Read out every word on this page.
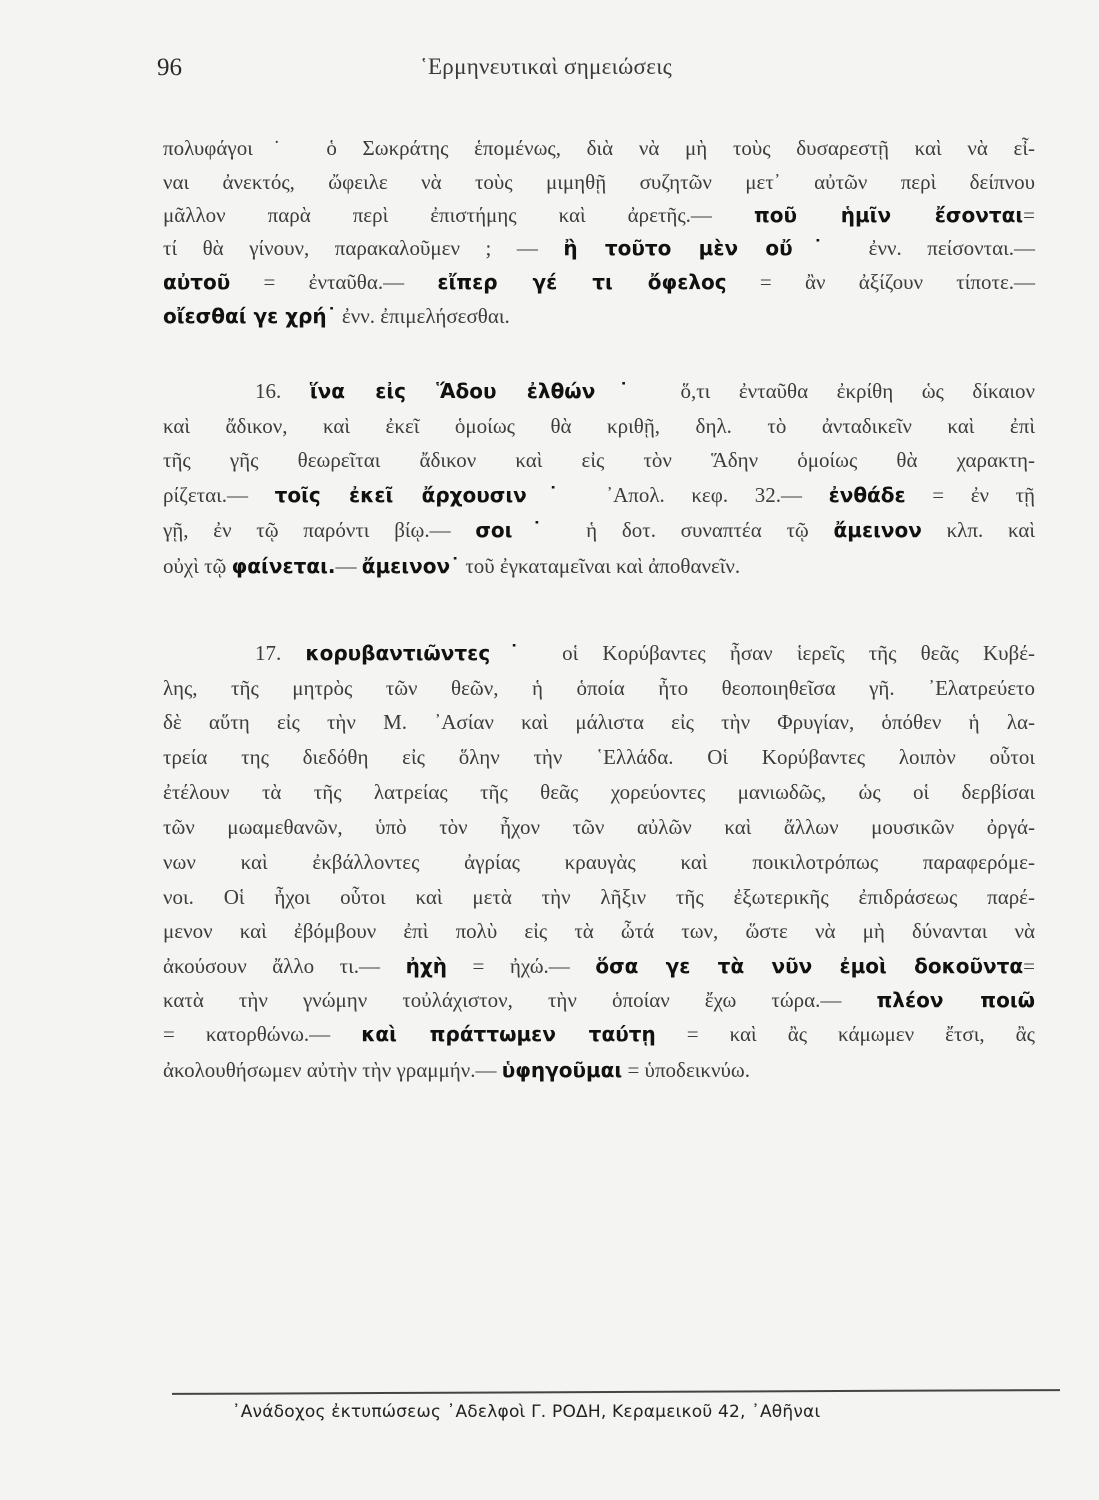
96	῾Ερμηνευτικαὶ σημειώσεις
πολυφάγοι˙ ὁ Σωκράτης ἑπομένως, διὰ νὰ μὴ τοὺς δυσαρεστῇ καὶ νὰ εἶ-
ναι ἀνεκτός, ὤφειλε νὰ τοὺς μιμηθῇ συζητῶν μετ᾽ αὐτῶν περὶ δείπνου
μᾶλλον παρὰ περὶ ἐπιστήμης καὶ ἀρετῆς.— ποῦ ἡμῖν ἔσονται=
τί θὰ γίνουν, παρακαλοῦμεν ; — ἢ τοῦτο μὲν οὔ˙ ἐνν. πείσονται.—
αὐτοῦ = ἐνταῦθα.— εἴπερ γέ τι ὄφελος = ἂν ἀξίζουν τίποτε.—
οἴεσθαί γε χρή˙ ἐνν. ἐπιμελήσεσθαι.
16. ἵνα εἰς Ἅδου ἐλθών˙ ὅ,τι ἐνταῦθα ἐκρίθη ὡς δίκαιον
καὶ ἄδικον, καὶ ἐκεῖ ὁμοίως θὰ κριθῇ, δηλ. τὸ ἀνταδικεῖν καὶ ἐπὶ
τῆς γῆς θεωρεῖται ἄδικον καὶ εἰς τὸν Ἅδην ὁμοίως θὰ χαρακτη-
ρίζεται.— τοῖς ἐκεῖ ἄρχουσιν˙ ᾿Απολ. κεφ. 32.— ἐνθάδε = ἐν τῇ
γῇ, ἐν τῷ παρόντι βίῳ.— σοι˙ ἡ δοτ. συναπτέα τῷ ἄμεινον κλπ. καὶ
οὐχὶ τῷ φαίνεται.— ἄμεινον˙ τοῦ ἐγκαταμεῖναι καὶ ἀποθανεῖν.
17. κορυβαντιῶντες˙ οἱ Κορύβαντες ἦσαν ἱερεῖς τῆς θεᾶς Κυβέ-
λης, τῆς μητρὸς τῶν θεῶν, ἡ ὁποία ἦτο θεοποιηθεῖσα γῆ. ᾿Ελατρεύετο
δὲ αὕτη εἰς τὴν Μ. ᾿Ασίαν καὶ μάλιστα εἰς τὴν Φρυγίαν, ὁπόθεν ἡ λα-
τρεία της διεδόθη εἰς ὅλην τὴν ῾Ελλάδα. Οἱ Κορύβαντες λοιπὸν οὗτοι
ἐτέλουν τὰ τῆς λατρείας τῆς θεᾶς χορεύοντες μανιωδῶς, ὡς οἱ δερβίσαι
τῶν μωαμεθανῶν, ὑπὸ τὸν ἦχον τῶν αὐλῶν καὶ ἄλλων μουσικῶν ὀργά-
νων καὶ ἐκβάλλοντες ἀγρίας κραυγὰς καὶ ποικιλοτρόπως παραφερόμε-
νοι. Οἱ ἦχοι οὗτοι καὶ μετὰ τὴν λῆξιν τῆς ἐξωτερικῆς ἐπιδράσεως παρέ-
μενον καὶ ἐβόμβουν ἐπὶ πολὺ εἰς τὰ ὦτά των, ὥστε νὰ μὴ δύνανται νὰ
ἀκούσουν ἄλλο τι.— ἠχὴ = ἠχώ.— ὅσα γε τὰ νῦν ἐμοὶ δοκοῦντα=
κατὰ τὴν γνώμην τοὐλάχιστον, τὴν ὁποίαν ἔχω τώρα.— πλέον ποιῶ
= κατορθώνω.— καὶ πράττωμεν ταύτῃ = καὶ ἂς κάμωμεν ἔτσι, ἂς
ἀκολουθήσωμεν αὐτὴν τὴν γραμμήν.— ὑφηγοῦμαι = ὑποδεικνύω.
᾿Ανάδοχος ἐκτυπώσεως ᾿Αδελφοὶ Γ. ΡΟΔΗ, Κεραμεικοῦ 42, ᾿Αθῆναι
